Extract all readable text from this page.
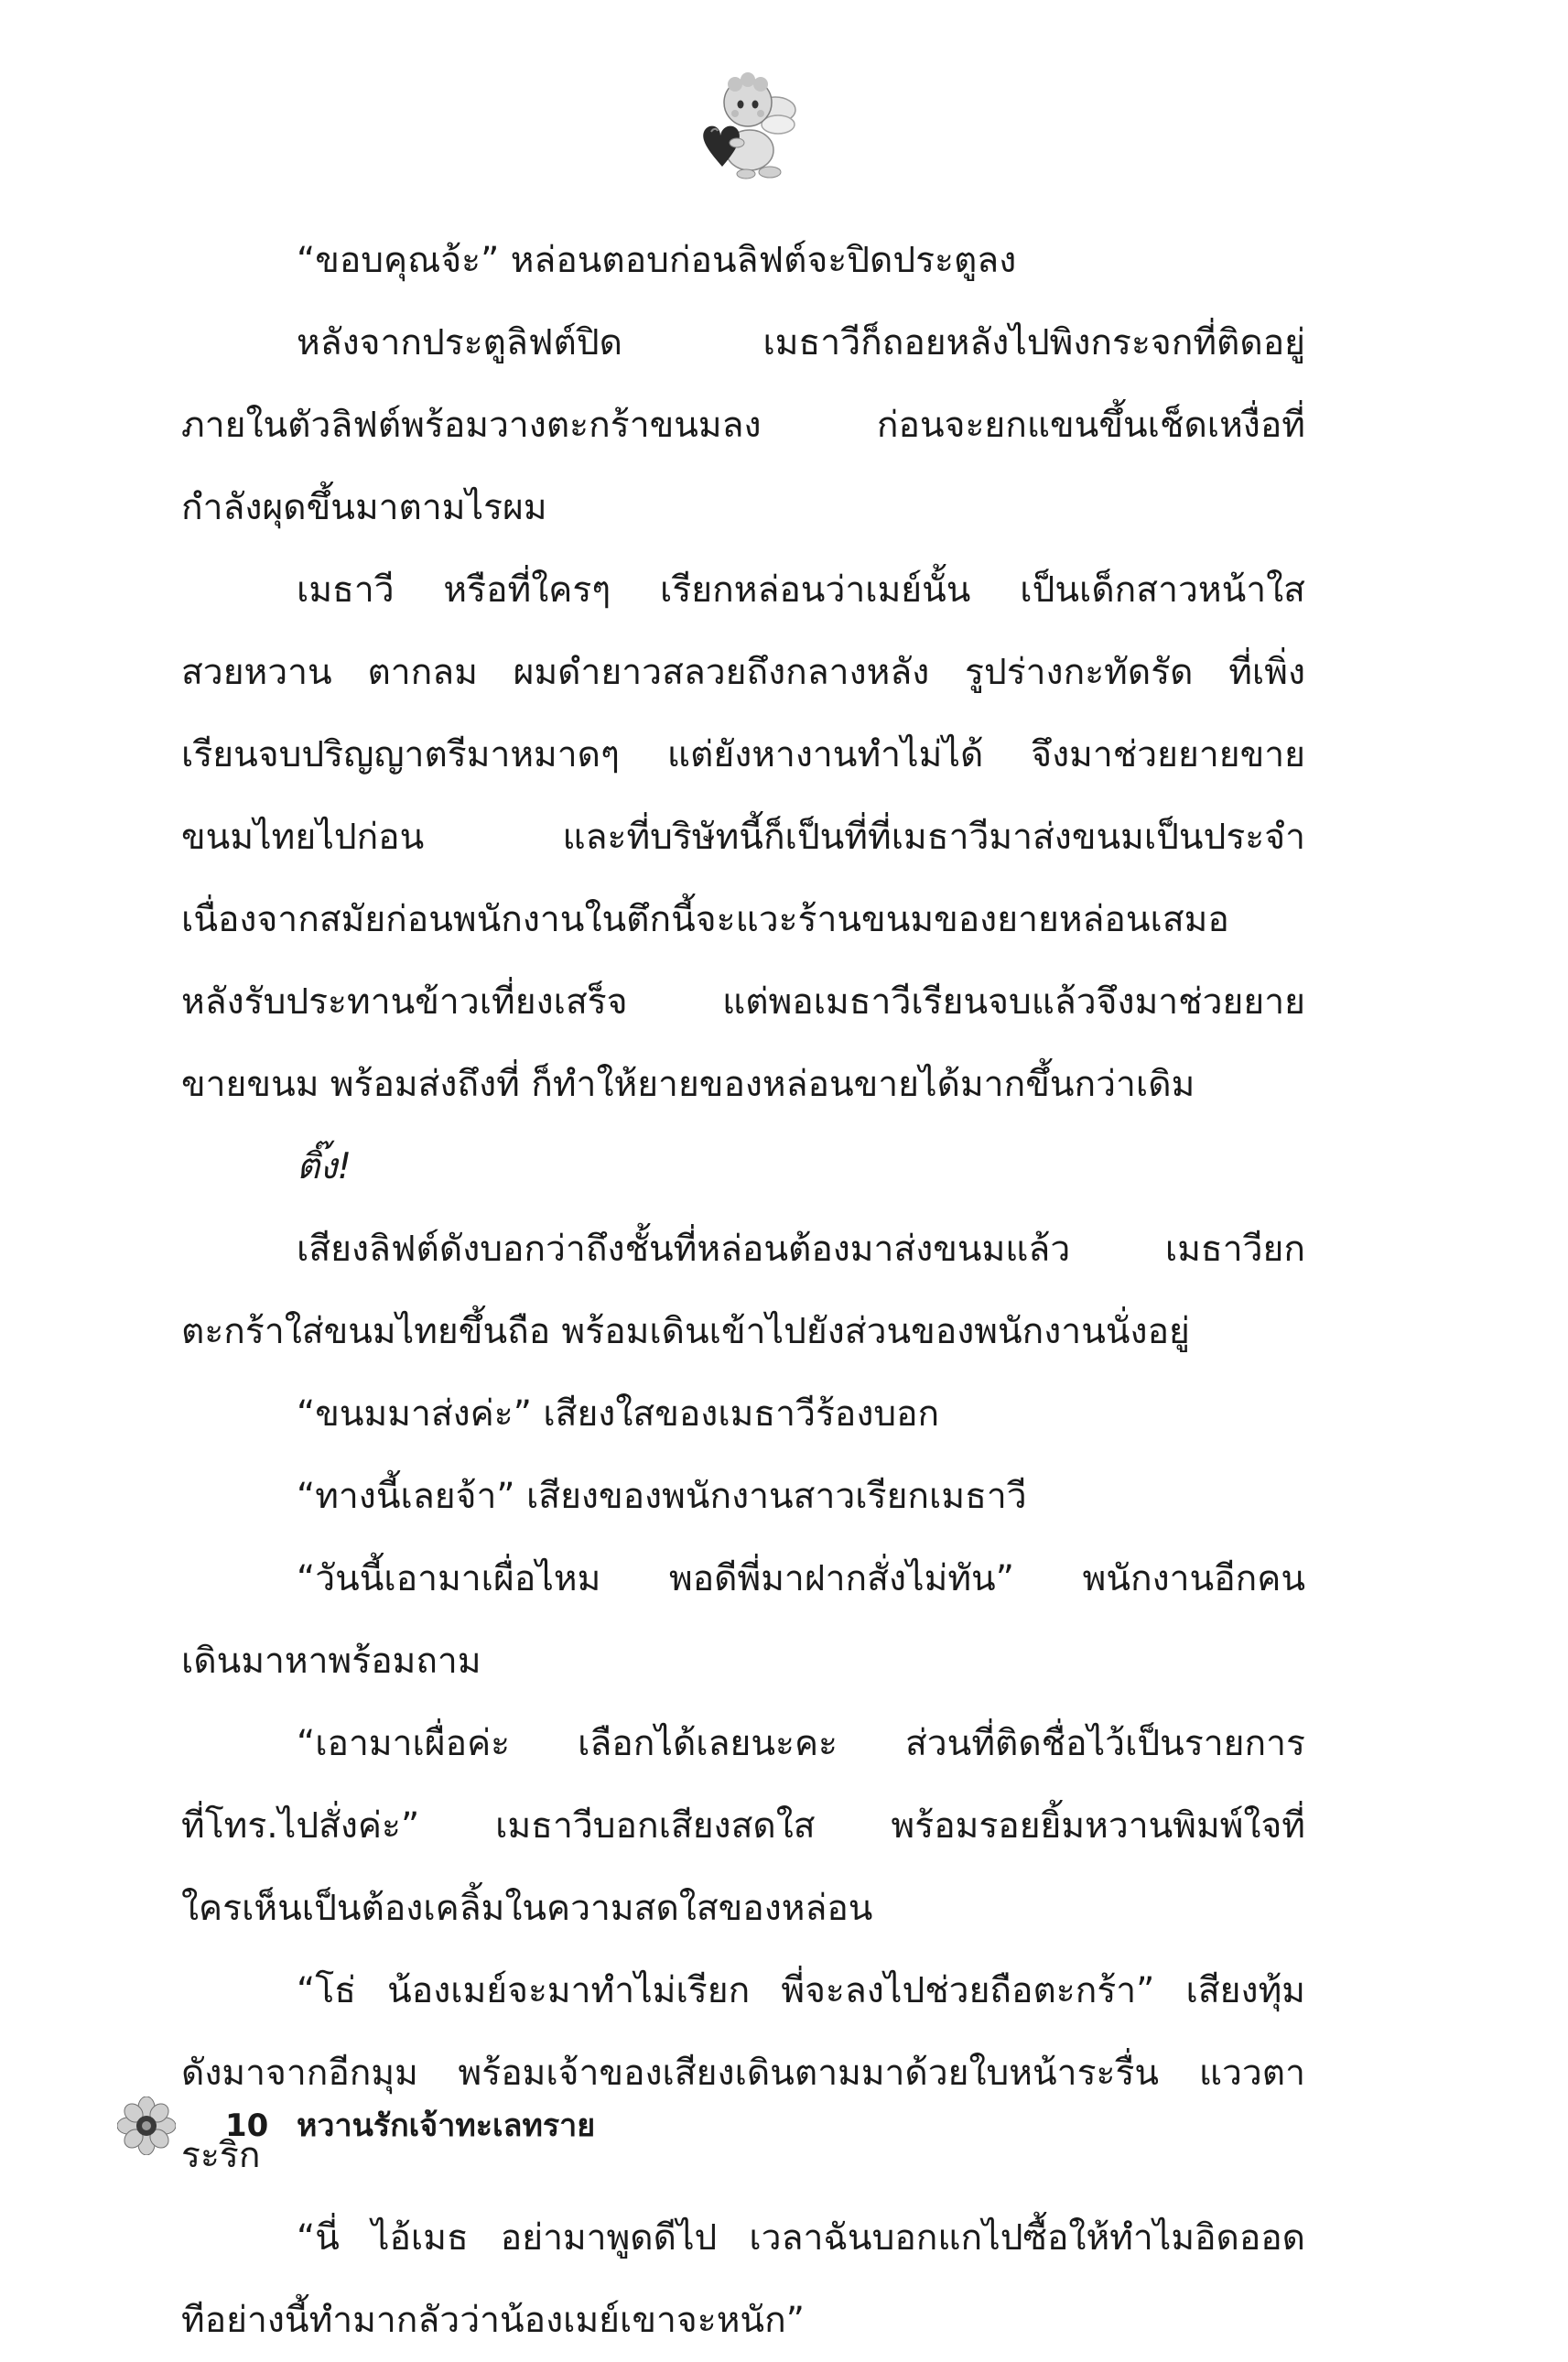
“ขอบคุณจ้ะ” หล่อนตอบก่อนลิฟต์จะปิดประตูลง
หลังจากประตูลิฟต์ปิด เมธาวีก็ถอยหลังไปพิงกระจกที่ติดอยู่
ภายในตัวลิฟต์พร้อมวางตะกร้าขนมลง ก่อนจะยกแขนขึ้นเช็ดเหงื่อที่
กำลังผุดขึ้นมาตามไรผม
เมธาวี หรือที่ใครๆ เรียกหล่อนว่าเมย์นั้น เป็นเด็กสาวหน้าใส
สวยหวาน ตากลม ผมดำยาวสลวยถึงกลางหลัง รูปร่างกะทัดรัด ที่เพิ่ง
เรียนจบปริญญาตรีมาหมาดๆ แต่ยังหางานทำไม่ได้ จึงมาช่วยยายขาย
ขนมไทยไปก่อน และที่บริษัทนี้ก็เป็นที่ที่เมธาวีมาส่งขนมเป็นประจำ
เนื่องจากสมัยก่อนพนักงานในตึกนี้จะแวะร้านขนมของยายหล่อนเสมอ
หลังรับประทานข้าวเที่ยงเสร็จ แต่พอเมธาวีเรียนจบแล้วจึงมาช่วยยาย
ขายขนม พร้อมส่งถึงที่ ก็ทำให้ยายของหล่อนขายได้มากขึ้นกว่าเดิม
ติ๊ง!
เสียงลิฟต์ดังบอกว่าถึงชั้นที่หล่อนต้องมาส่งขนมแล้ว เมธาวียก
ตะกร้าใส่ขนมไทยขึ้นถือ พร้อมเดินเข้าไปยังส่วนของพนักงานนั่งอยู่
“ขนมมาส่งค่ะ” เสียงใสของเมธาวีร้องบอก
“ทางนี้เลยจ้า” เสียงของพนักงานสาวเรียกเมธาวี
“วันนี้เอามาเผื่อไหม พอดีพี่มาฝากสั่งไม่ทัน” พนักงานอีกคน
เดินมาหาพร้อมถาม
“เอามาเผื่อค่ะ เลือกได้เลยนะคะ ส่วนที่ติดชื่อไว้เป็นรายการ
ที่โทร.ไปสั่งค่ะ” เมธาวีบอกเสียงสดใส พร้อมรอยยิ้มหวานพิมพ์ใจที่
ใครเห็นเป็นต้องเคลิ้มในความสดใสของหล่อน
“โธ่ น้องเมย์จะมาทำไม่เรียก พี่จะลงไปช่วยถือตะกร้า” เสียงทุ้ม
ดังมาจากอีกมุม พร้อมเจ้าของเสียงเดินตามมาด้วยใบหน้าระรื่น แววตา
ระริก
“นี่ ไอ้เมธ อย่ามาพูดดีไป เวลาฉันบอกแกไปซื้อให้ทำไมอิดออด
ทีอย่างนี้ทำมากลัวว่าน้องเมย์เขาจะหนัก”
10 หวานรักเจ้าทะเลทราย
